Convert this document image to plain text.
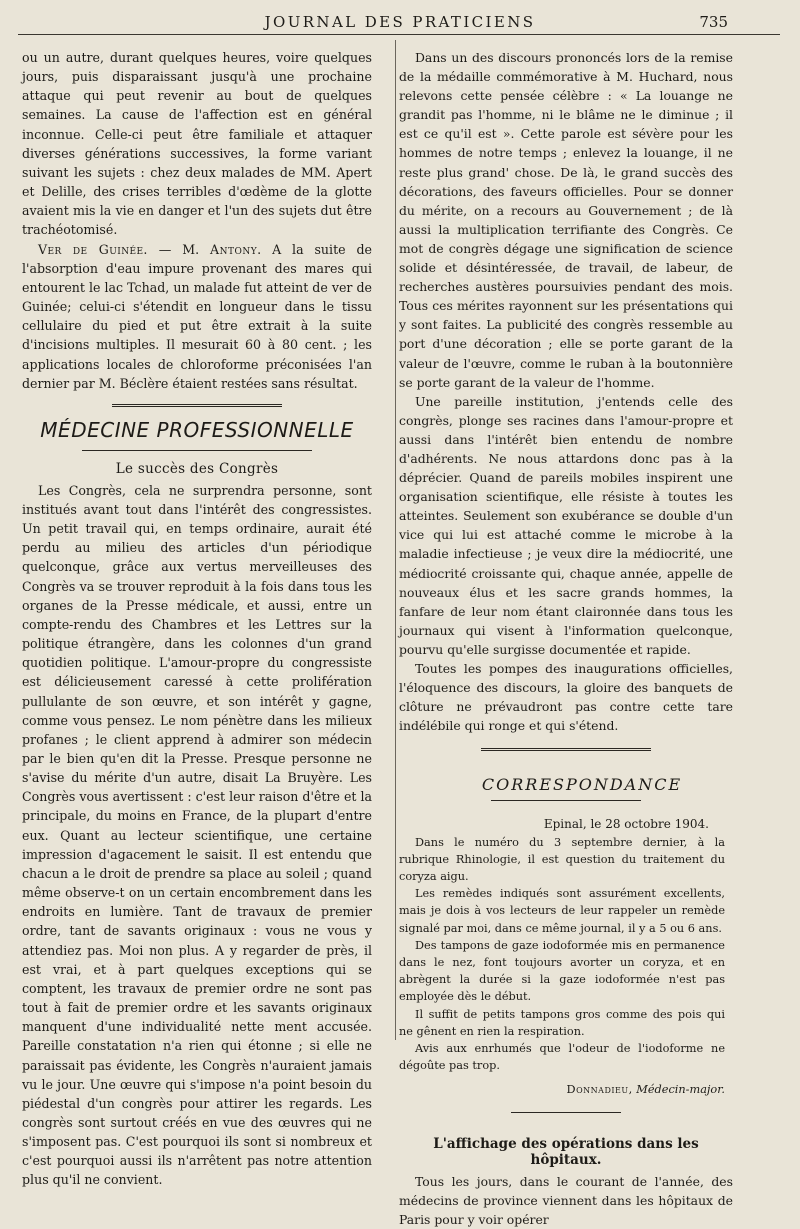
JOURNAL DES PRATICIENS	735

ou un autre, durant quelques heures, voire quelques jours, puis disparaissant jusqu'à une prochaine attaque qui peut revenir au bout de quelques semaines. La cause de l'affection est en général inconnue. Celle-ci peut être familiale et attaquer diverses générations successives, la forme variant suivant les sujets : chez deux malades de MM. Apert et Delille, des crises terribles d'œdème de la glotte avaient mis la vie en danger et l'un des sujets dut être trachéotomisé.

Ver de Guinée. — M. Antony. A la suite de l'absorption d'eau impure provenant des mares qui entourent le lac Tchad, un malade fut atteint de ver de Guinée; celui-ci s'étendit en longueur dans le tissu cellulaire du pied et put être extrait à la suite d'incisions multiples. Il mesurait 60 à 80 cent. ; les applications locales de chloroforme préconisées l'an dernier par M. Béclère étaient restées sans résultat.

MÉDECINE PROFESSIONNELLE
Le succès des Congrès

Les Congrès, cela ne surprendra personne, sont institués avant tout dans l'intérêt des congressistes. Un petit travail qui, en temps ordinaire, aurait été perdu au milieu des articles d'un périodique quelconque, grâce aux vertus merveilleuses des Congrès va se trouver reproduit à la fois dans tous les organes de la Presse médicale, et aussi, entre un compte-rendu des Chambres et les Lettres sur la politique étrangère, dans les colonnes d'un grand quotidien politique. L'amour-propre du congressiste est délicieusement caressé à cette prolifération pullulante de son œuvre, et son intérêt y gagne, comme vous pensez. Le nom pénètre dans les milieux profanes ; le client apprend à admirer son médecin par le bien qu'en dit la Presse. Presque personne ne s'avise du mérite d'un autre, disait La Bruyère. Les Congrès vous avertissent : c'est leur raison d'être et la principale, du moins en France, de la plupart d'entre eux. Quant au lecteur scientifique, une certaine impression d'agacement le saisit. Il est entendu que chacun a le droit de prendre sa place au soleil ; quand même observe-t on un certain encombrement dans les endroits en lumière. Tant de travaux de premier ordre, tant de savants originaux : vous ne vous y attendiez pas. Moi non plus. A y regarder de près, il est vrai, et à part quelques exceptions qui se comptent, les travaux de premier ordre ne sont pas tout à fait de premier ordre et les savants originaux manquent d'une individualité nette ment accusée. Pareille constatation n'a rien qui étonne ; si elle ne paraissait pas évidente, les Congrès n'auraient jamais vu le jour. Une œuvre qui s'impose n'a point besoin du piédestal d'un congrès pour attirer les regards. Les congrès sont surtout créés en vue des œuvres qui ne s'imposent pas. C'est pourquoi ils sont si nombreux et c'est pourquoi aussi ils n'arrêtent pas notre attention plus qu'il ne convient.

Dans un des discours prononcés lors de la remise de la médaille commémorative à M. Huchard, nous relevons cette pensée célèbre : « La louange ne grandit pas l'homme, ni le blâme ne le diminue ; il est ce qu'il est ». Cette parole est sévère pour les hommes de notre temps ; enlevez la louange, il ne reste plus grand' chose. De là, le grand succès des décorations, des faveurs officielles. Pour se donner du mérite, on a recours au Gouvernement ; de là aussi la multiplication terrifiante des Congrès. Ce mot de congrès dégage une signification de science solide et désintéressée, de travail, de labeur, de recherches austères poursuivies pendant des mois. Tous ces mérites rayonnent sur les présentations qui y sont faites. La publicité des congrès ressemble au port d'une décoration ; elle se porte garant de la valeur de l'œuvre, comme le ruban à la boutonnière se porte garant de la valeur de l'homme.

Une pareille institution, j'entends celle des congrès, plonge ses racines dans l'amour-propre et aussi dans l'intérêt bien entendu de nombre d'adhérents. Ne nous attardons donc pas à la déprécier. Quand de pareils mobiles inspirent une organisation scientifique, elle résiste à toutes les atteintes. Seulement son exubérance se double d'un vice qui lui est attaché comme le microbe à la maladie infectieuse ; je veux dire la médiocrité, une médiocrité croissante qui, chaque année, appelle de nouveaux élus et les sacre grands hommes, la fanfare de leur nom étant claironnée dans tous les journaux qui visent à l'information quelconque, pourvu qu'elle surgisse documentée et rapide.

Toutes les pompes des inaugurations officielles, l'éloquence des discours, la gloire des banquets de clôture ne prévaudront pas contre cette tare indélébile qui ronge et qui s'étend.

CORRESPONDANCE
Epinal, le 28 octobre 1904.

Dans le numéro du 3 septembre dernier, à la rubrique Rhinologie, il est question du traitement du coryza aigu.

Les remèdes indiqués sont assurément excellents, mais je dois à vos lecteurs de leur rappeler un remède signalé par moi, dans ce même journal, il y a 5 ou 6 ans.

Des tampons de gaze iodoformée mis en permanence dans le nez, font toujours avorter un coryza, et en abrègent la durée si la gaze iodoformée n'est pas employée dès le début.

Il suffit de petits tampons gros comme des pois qui ne gênent en rien la respiration.

Avis aux enrhumés que l'odeur de l'iodoforme ne dégoûte pas trop.

Donnadieu, Médecin-major.
L'affichage des opérations dans les hôpitaux.

Tous les jours, dans le courant de l'année, des médecins de province viennent dans les hôpitaux de Paris pour y voir opérer
